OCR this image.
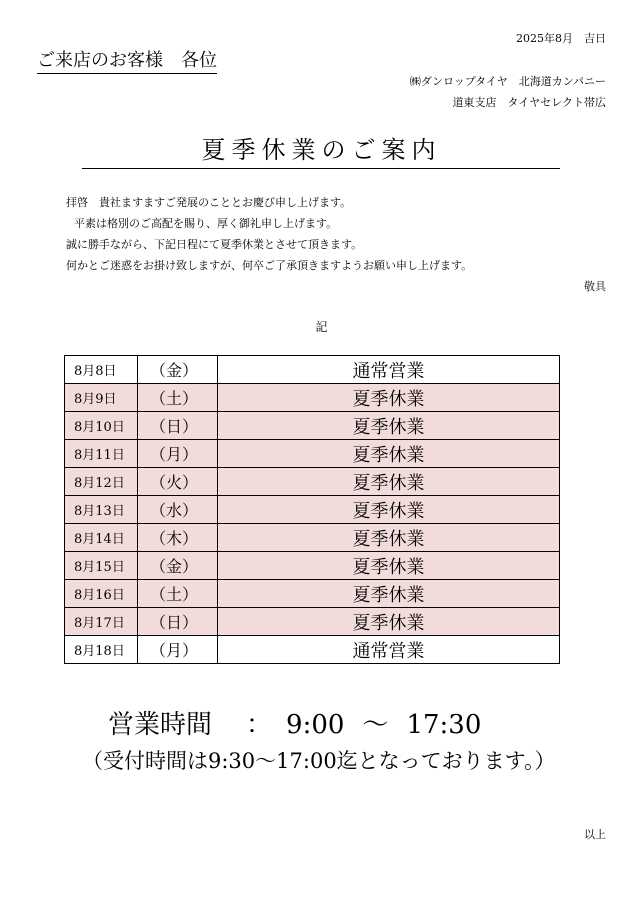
2025年8月　吉日
ご来店のお客様　各位
㈱ダンロップタイヤ　北海道カンパニー
道東支店　タイヤセレクト帯広
夏季休業のご案内
拝啓　貴社ますますご発展のこととお慶び申し上げます。
平素は格別のご高配を賜り、厚く御礼申し上げます。
誠に勝手ながら、下記日程にて夏季休業とさせて頂きます。
何かとご迷惑をお掛け致しますが、何卒ご了承頂きますようお願い申し上げます。
敬具
記
8月8日	（金）	通常営業
8月9日	（土）	夏季休業
8月10日	（日）	夏季休業
8月11日	（月）	夏季休業
8月12日	（火）	夏季休業
8月13日	（水）	夏季休業
8月14日	（木）	夏季休業
8月15日	（金）	夏季休業
8月16日	（土）	夏季休業
8月17日	（日）	夏季休業
8月18日	（月）	通常営業
営業時間 ： 9:00 ～ 17:30
（受付時間は9:30～17:00迄となっております。）
以上
